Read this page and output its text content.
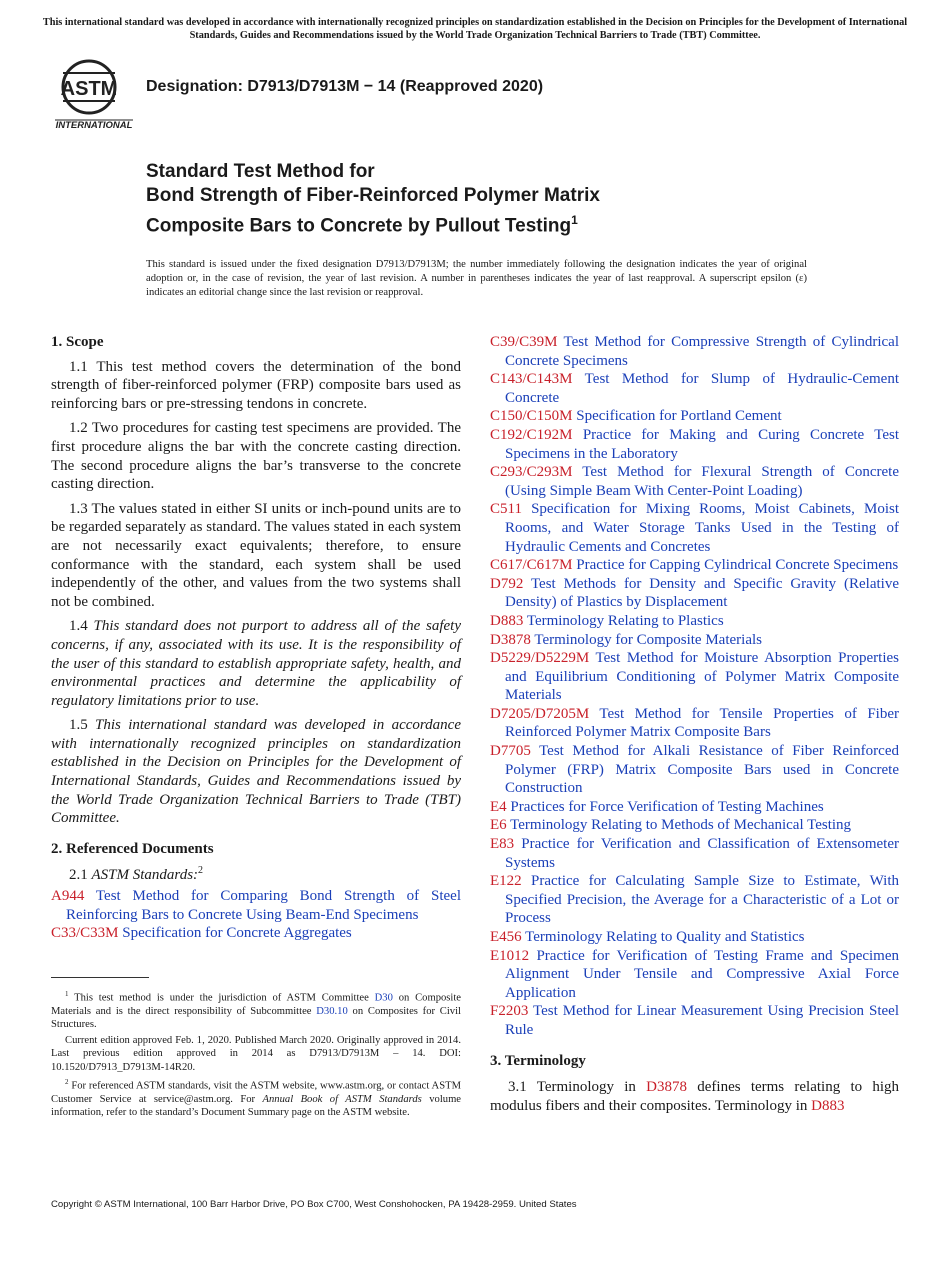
This international standard was developed in accordance with internationally recognized principles on standardization established in the Decision on Principles for the Development of International Standards, Guides and Recommendations issued by the World Trade Organization Technical Barriers to Trade (TBT) Committee.
ASTM
INTERNATIONAL
Designation: D7913/D7913M − 14 (Reapproved 2020)
Standard Test Method for
Bond Strength of Fiber-Reinforced Polymer Matrix
Composite Bars to Concrete by Pullout Testing$^1$
This standard is issued under the fixed designation D7913/D7913M; the number immediately following the designation indicates the year of original adoption or, in the case of revision, the year of last revision. A number in parentheses indicates the year of last reapproval. A superscript epsilon (ε) indicates an editorial change since the last revision or reapproval.
1. Scope
1.1 This test method covers the determination of the bond strength of fiber-reinforced polymer (FRP) composite bars used as reinforcing bars or pre-stressing tendons in concrete.
1.2 Two procedures for casting test specimens are provided. The first procedure aligns the bar with the concrete casting direction. The second procedure aligns the bar’s transverse to the concrete casting direction.
1.3 The values stated in either SI units or inch-pound units are to be regarded separately as standard. The values stated in each system are not necessarily exact equivalents; therefore, to ensure conformance with the standard, each system shall be used independently of the other, and values from the two systems shall not be combined.
1.4 This standard does not purport to address all of the safety concerns, if any, associated with its use. It is the responsibility of the user of this standard to establish appropriate safety, health, and environmental practices and determine the applicability of regulatory limitations prior to use.
1.5 This international standard was developed in accordance with internationally recognized principles on standardization established in the Decision on Principles for the Development of International Standards, Guides and Recommendations issued by the World Trade Organization Technical Barriers to Trade (TBT) Committee.
2. Referenced Documents
2.1 ASTM Standards:$^2$
A944 Test Method for Comparing Bond Strength of Steel Reinforcing Bars to Concrete Using Beam-End Specimens
C33/C33M Specification for Concrete Aggregates
C39/C39M Test Method for Compressive Strength of Cylindrical Concrete Specimens
C143/C143M Test Method for Slump of Hydraulic-Cement Concrete
C150/C150M Specification for Portland Cement
C192/C192M Practice for Making and Curing Concrete Test Specimens in the Laboratory
C293/C293M Test Method for Flexural Strength of Concrete (Using Simple Beam With Center-Point Loading)
C511 Specification for Mixing Rooms, Moist Cabinets, Moist Rooms, and Water Storage Tanks Used in the Testing of Hydraulic Cements and Concretes
C617/C617M Practice for Capping Cylindrical Concrete Specimens
D792 Test Methods for Density and Specific Gravity (Relative Density) of Plastics by Displacement
D883 Terminology Relating to Plastics
D3878 Terminology for Composite Materials
D5229/D5229M Test Method for Moisture Absorption Properties and Equilibrium Conditioning of Polymer Matrix Composite Materials
D7205/D7205M Test Method for Tensile Properties of Fiber Reinforced Polymer Matrix Composite Bars
D7705 Test Method for Alkali Resistance of Fiber Reinforced Polymer (FRP) Matrix Composite Bars used in Concrete Construction
E4 Practices for Force Verification of Testing Machines
E6 Terminology Relating to Methods of Mechanical Testing
E83 Practice for Verification and Classification of Extensometer Systems
E122 Practice for Calculating Sample Size to Estimate, With Specified Precision, the Average for a Characteristic of a Lot or Process
E456 Terminology Relating to Quality and Statistics
E1012 Practice for Verification of Testing Frame and Specimen Alignment Under Tensile and Compressive Axial Force Application
F2203 Test Method for Linear Measurement Using Precision Steel Rule
3. Terminology
3.1 Terminology in D3878 defines terms relating to high modulus fibers and their composites. Terminology in D883
$^1$ This test method is under the jurisdiction of ASTM Committee D30 on Composite Materials and is the direct responsibility of Subcommittee D30.10 on Composites for Civil Structures.
Current edition approved Feb. 1, 2020. Published March 2020. Originally approved in 2014. Last previous edition approved in 2014 as D7913/D7913M – 14. DOI: 10.1520/D7913_D7913M-14R20.
$^2$ For referenced ASTM standards, visit the ASTM website, www.astm.org, or contact ASTM Customer Service at service@astm.org. For Annual Book of ASTM Standards volume information, refer to the standard’s Document Summary page on the ASTM website.
Copyright © ASTM International, 100 Barr Harbor Drive, PO Box C700, West Conshohocken, PA 19428-2959. United States
